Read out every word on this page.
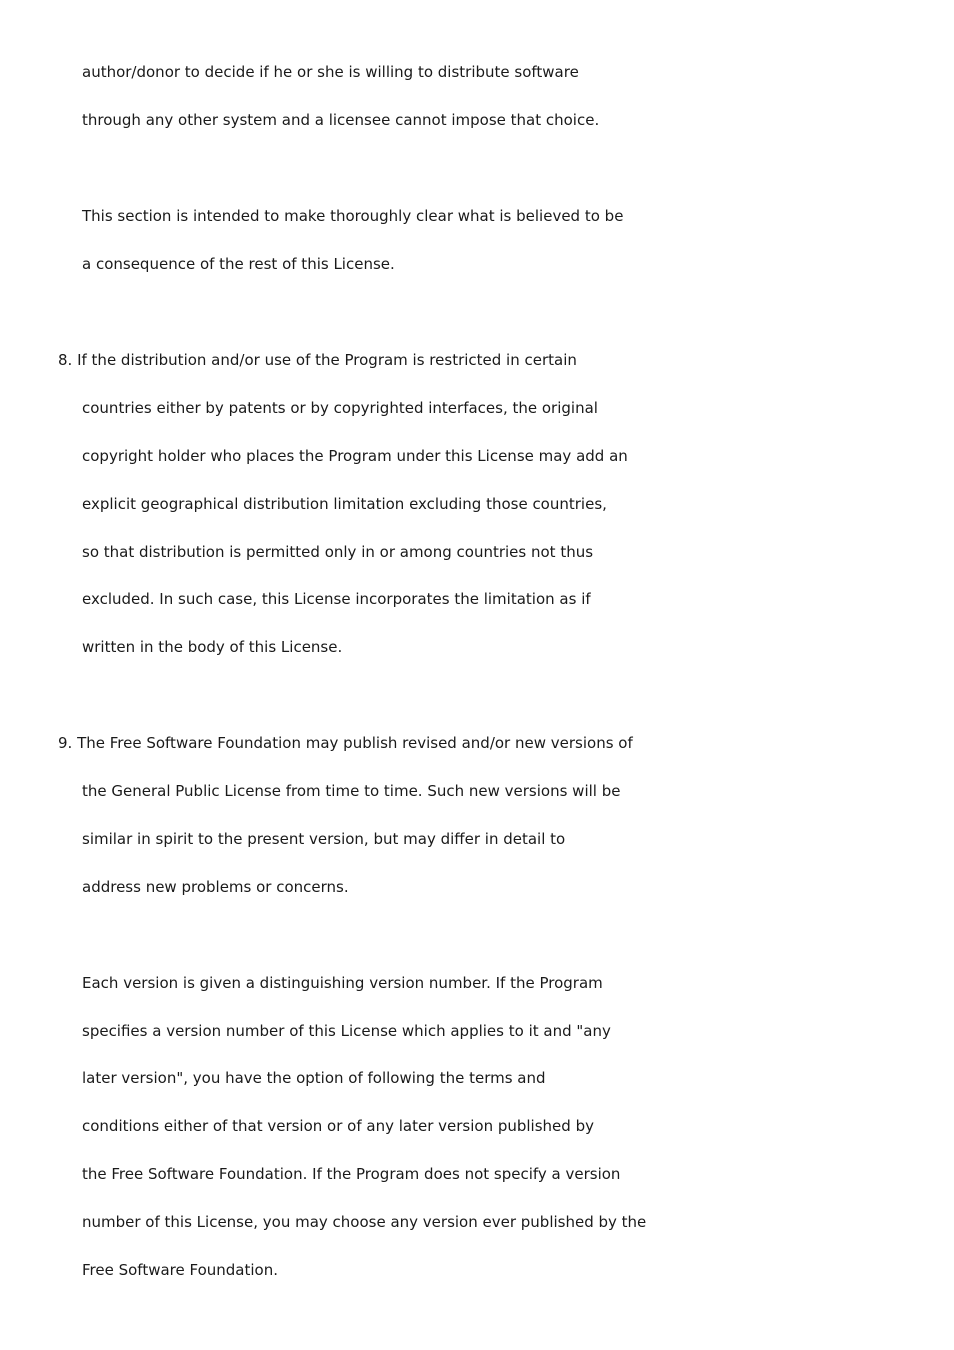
author/donor to decide if he or she is willing to distribute software
through any other system and a licensee cannot impose that choice.
This section is intended to make thoroughly clear what is believed to be
a consequence of the rest of this License.
8. If the distribution and/or use of the Program is restricted in certain
countries either by patents or by copyrighted interfaces, the original
copyright holder who places the Program under this License may add an
explicit geographical distribution limitation excluding those countries,
so that distribution is permitted only in or among countries not thus
excluded. In such case, this License incorporates the limitation as if
written in the body of this License.
9. The Free Software Foundation may publish revised and/or new versions of
the General Public License from time to time. Such new versions will be
similar in spirit to the present version, but may differ in detail to
address new problems or concerns.
Each version is given a distinguishing version number. If the Program
specifies a version number of this License which applies to it and "any
later version", you have the option of following the terms and
conditions either of that version or of any later version published by
the Free Software Foundation. If the Program does not specify a version
number of this License, you may choose any version ever published by the
Free Software Foundation.
